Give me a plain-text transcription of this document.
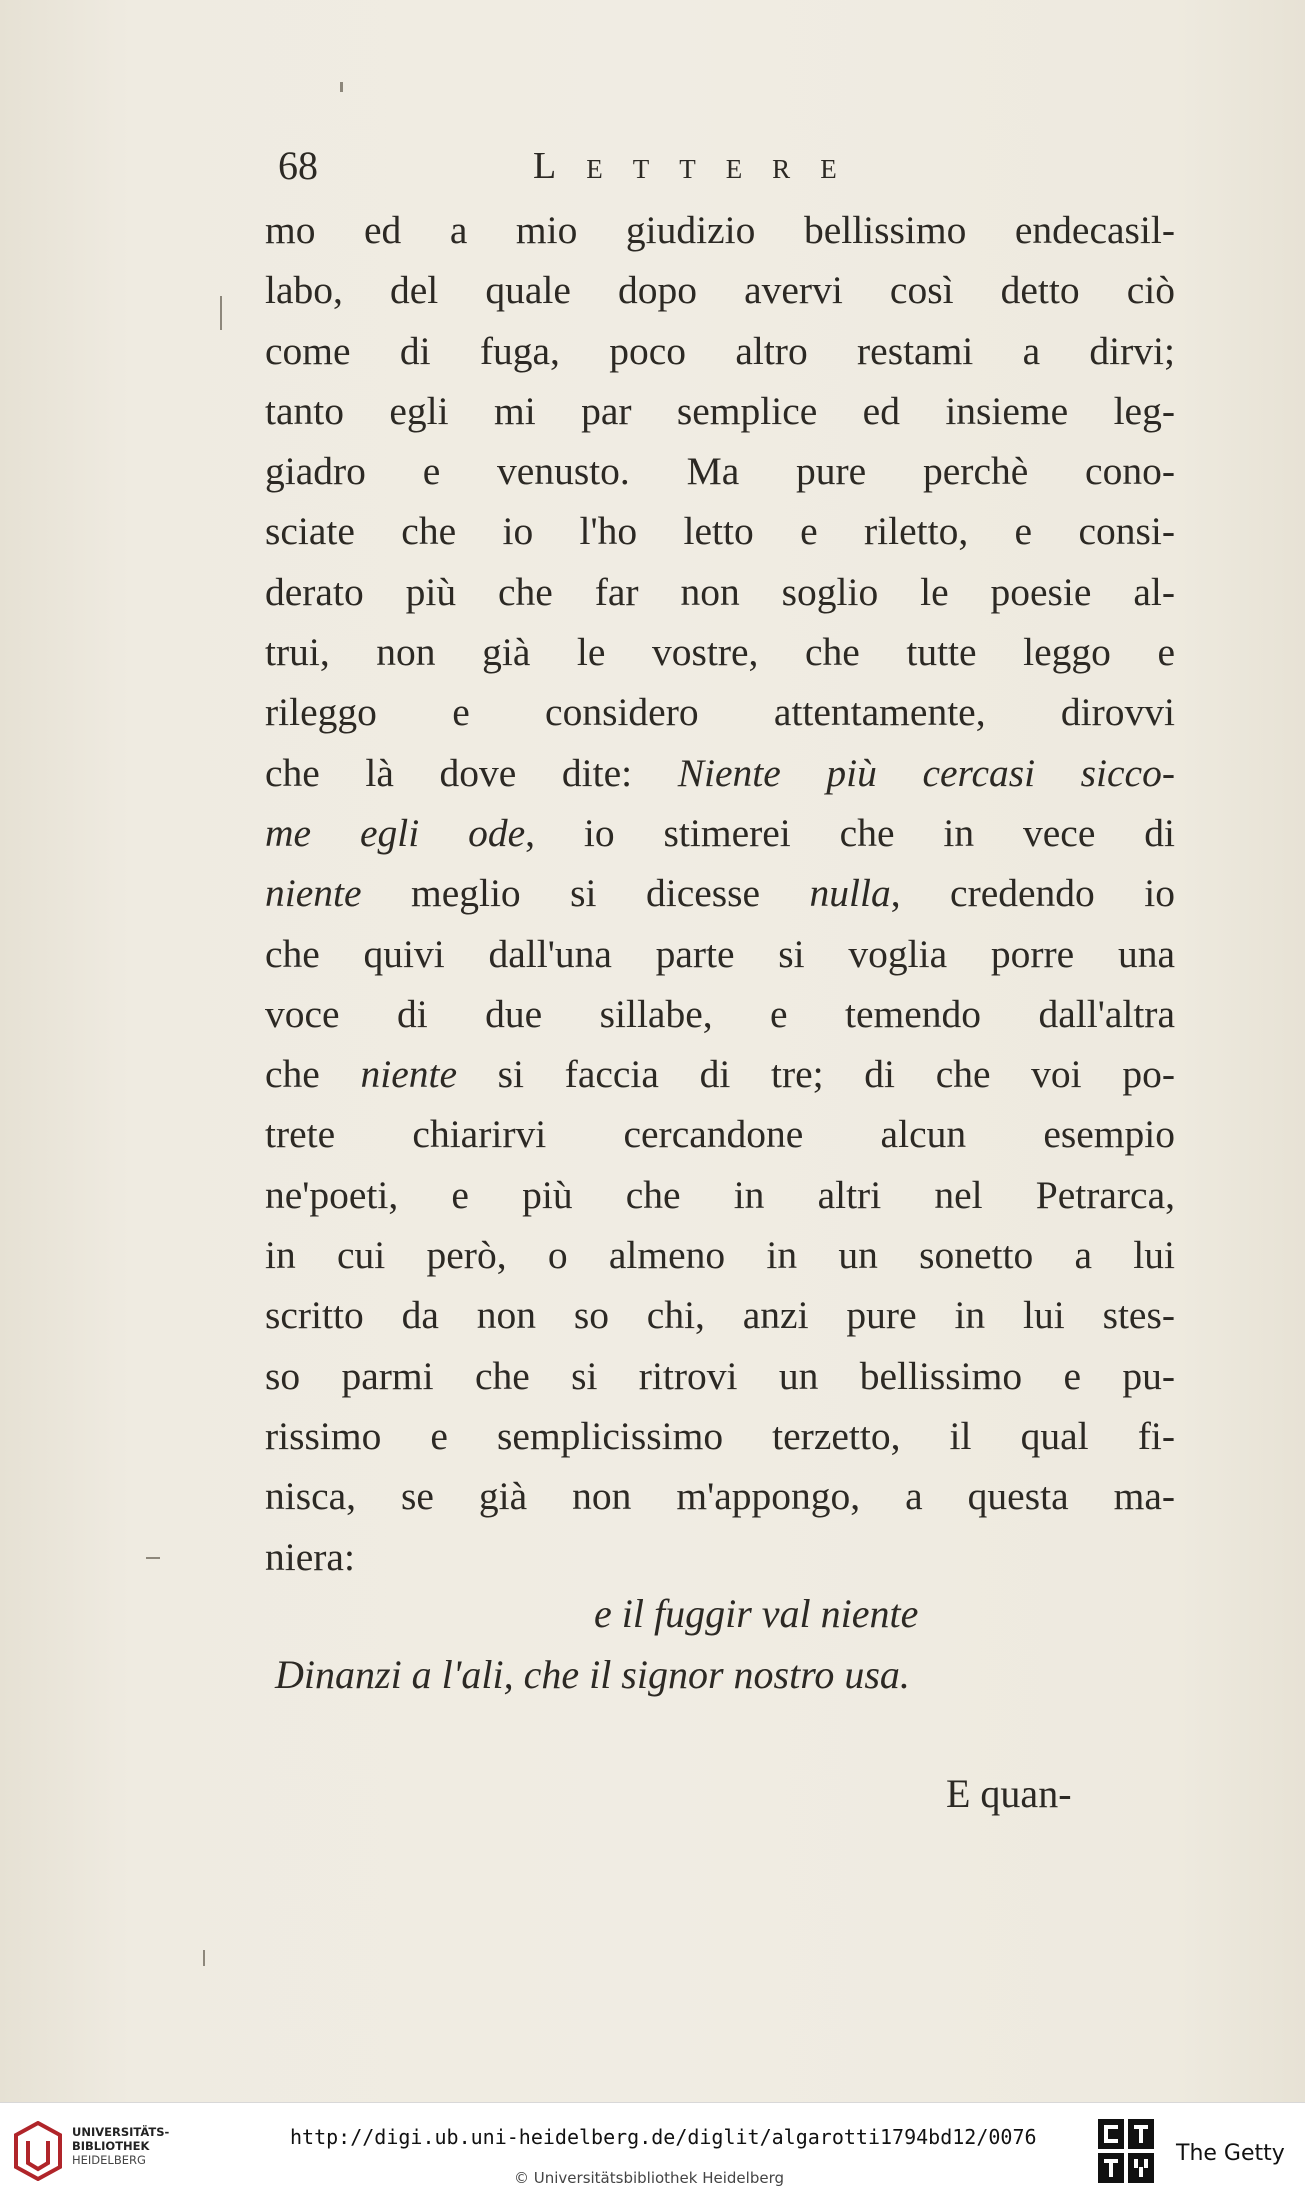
68	Lettere
mo ed a mio giudizio bellissimo endecasil-
labo, del quale dopo avervi così detto ciò
come di fuga, poco altro restami a dirvi;
tanto egli mi par semplice ed insieme leg-
giadro e venusto. Ma pure perchè cono-
sciate che io l'ho letto e riletto, e consi-
derato più che far non soglio le poesie al-
trui, non già le vostre, che tutte leggo e
rileggo e considero attentamente, dirovvi
che là dove dite: Niente più cercasi sicco-
me egli ode, io stimerei che in vece di
niente meglio si dicesse nulla, credendo io
che quivi dall'una parte si voglia porre una
voce di due sillabe, e temendo dall'altra
che niente si faccia di tre; di che voi po-
trete chiarirvi cercandone alcun esempio
ne'poeti, e più che in altri nel Petrarca,
in cui però, o almeno in un sonetto a lui
scritto da non so chi, anzi pure in lui stes-
so parmi che si ritrovi un bellissimo e pu-
rissimo e semplicissimo terzetto, il qual fi-
nisca, se già non m'appongo, a questa ma-
niera:
e il fuggir val niente
Dinanzi a l'ali, che il signor nostro usa.
E quan-
UNIVERSITÄTS-
BIBLIOTHEK
HEIDELBERG
http://digi.ub.uni-heidelberg.de/diglit/algarotti1794bd12/0076
© Universitätsbibliothek Heidelberg
The Getty
